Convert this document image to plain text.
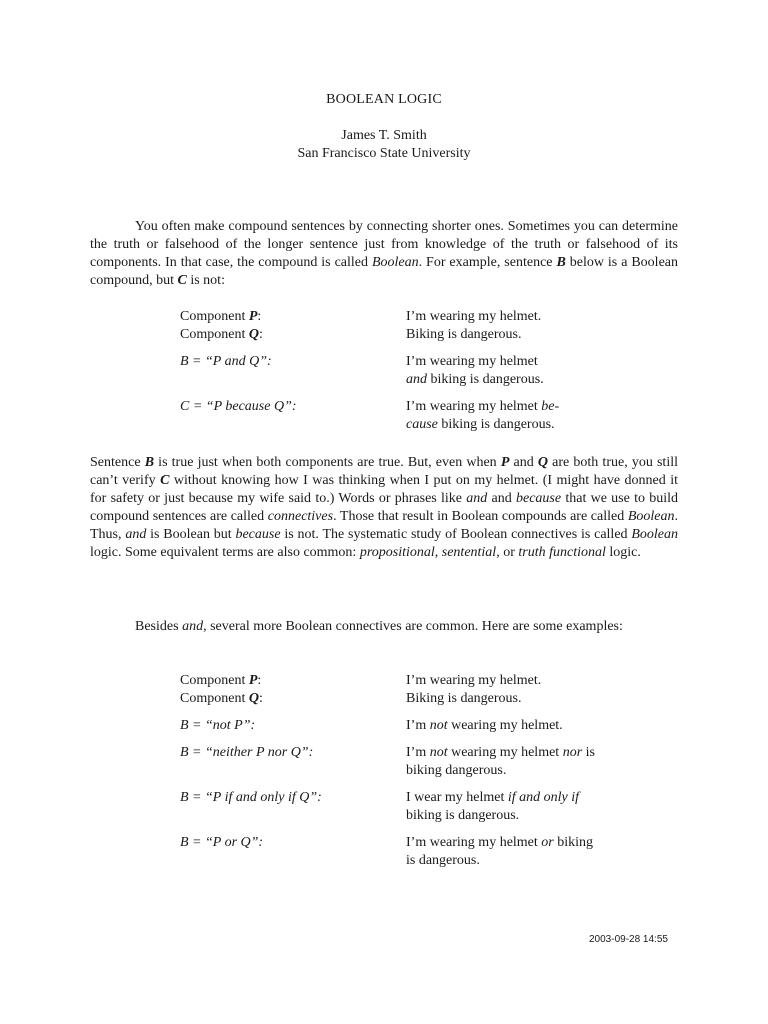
BOOLEAN LOGIC
James T. Smith
San Francisco State University

You often make compound sentences by connecting shorter ones. Sometimes you can determine the truth or falsehood of the longer sentence just from knowledge of the truth or falsehood of its components. In that case, the compound is called Boolean. For example, sentence B below is a Boolean compound, but C is not:

Component P:	I’m wearing my helmet.
Component Q:	Biking is dangerous.
B = “P and Q”:	I’m wearing my helmet
and biking is dangerous.
C = “P because Q”:	I’m wearing my helmet be-
cause biking is dangerous.

Sentence B is true just when both components are true. But, even when P and Q are both true, you still can’t verify C without knowing how I was thinking when I put on my helmet. (I might have donned it for safety or just because my wife said to.) Words or phrases like and and because that we use to build compound sentences are called connectives. Those that result in Boolean compounds are called Boolean. Thus, and is Boolean but because is not. The systematic study of Boolean connectives is called Boolean logic. Some equivalent terms are also common: propositional, sentential, or truth functional logic.

Besides and, several more Boolean connectives are common. Here are some examples:

Component P:	I’m wearing my helmet.
Component Q:	Biking is dangerous.
B = “not P”:	I’m not wearing my helmet.
B = “neither P nor Q”:	I’m not wearing my helmet nor is
biking dangerous.
B = “P if and only if Q”:	I wear my helmet if and only if
biking is dangerous.
B = “P or Q”:	I’m wearing my helmet or biking
is dangerous.
2003-09-28 14:55
